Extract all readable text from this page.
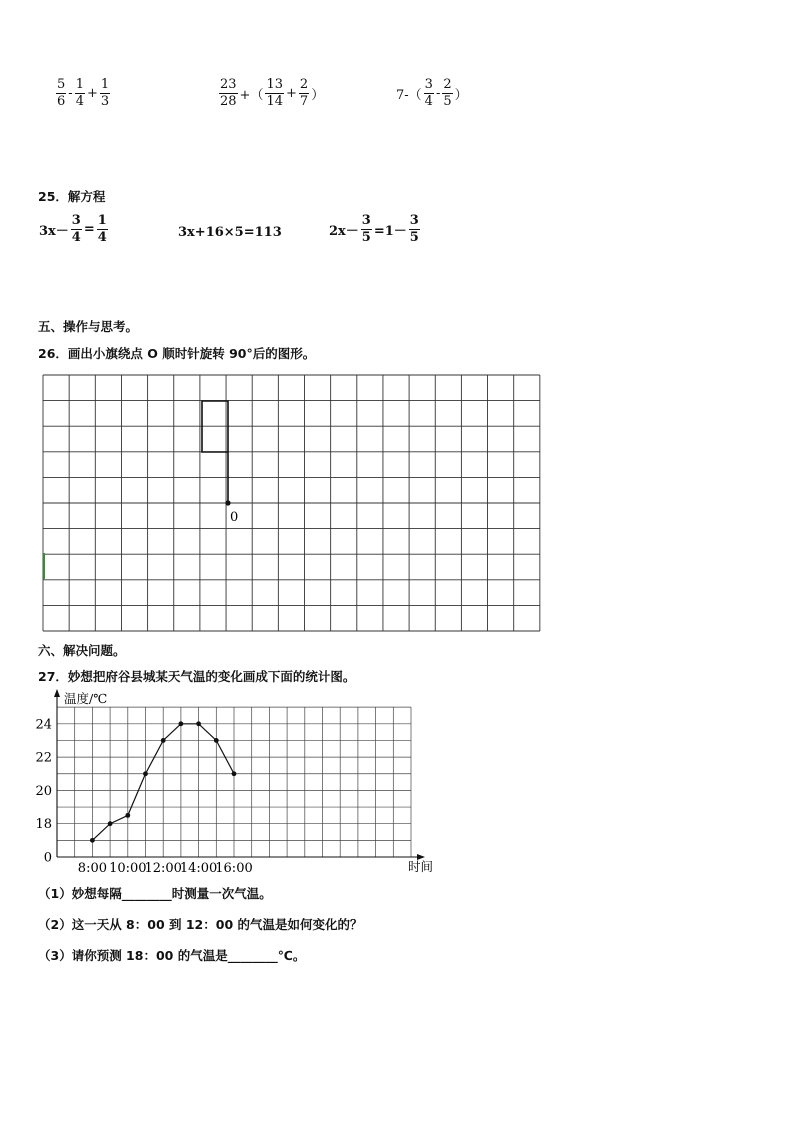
$\frac{5}{6} - \frac{1}{4} + \frac{1}{3}$	$\frac{23}{28}$ +（ $\frac{13}{14} + \frac{2}{7}$ ）	$7-( \frac{3}{4} - \frac{2}{5}$ ）
25．解方程
$3x- \frac{3}{4} = \frac{1}{4}$	3x+16×5=113	$2x- \frac{3}{5} =1- \frac{3}{5}$
五、操作与思考。
26．画出小旗绕点 O 顺时针旋转 90°后的图形。
0
六、解决问题。
27．妙想把府谷县城某天气温的变化画成下面的统计图。
0
18
20
22
24
8:00 10:00
12:00
14:00
16:00
温度/℃
时间
（1）妙想每隔________时测量一次气温。
（2）这一天从 8：00 到 12：00 的气温是如何变化的？
（3）请你预测 18：00 的气温是________℃。
